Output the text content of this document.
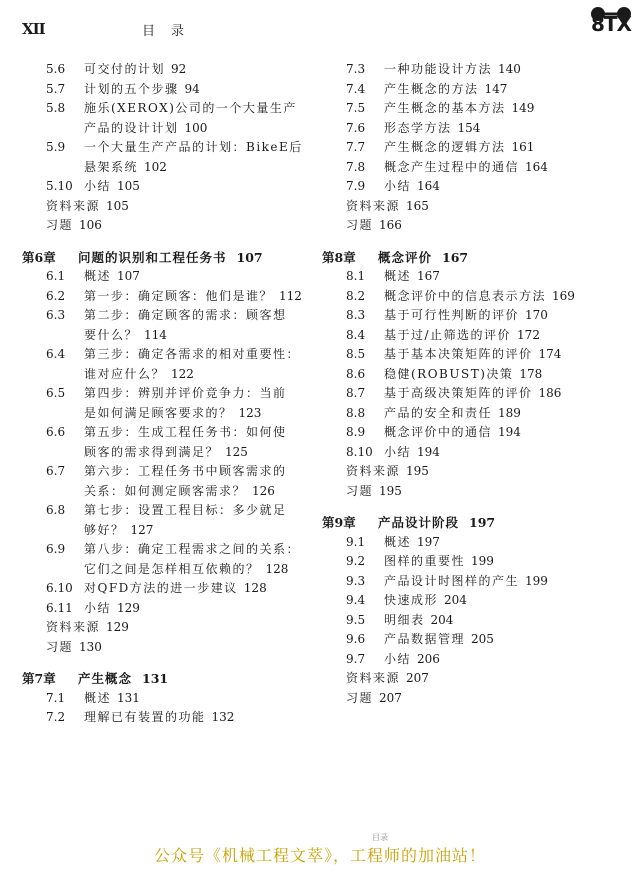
XII	目录	8TX
5.6 可交付的计划 92
5.7 计划的五个步骤 94
5.8 施乐(XEROX)公司的一个大量生产
产品的设计计划 100
5.9 一个大量生产产品的计划：BikeE后
悬架系统 102
5.10 小结 105
资料来源 105
习题 106
第6章 问题的识别和工程任务书 107
6.1 概述 107
6.2 第一步：确定顾客：他们是谁？ 112
6.3 第二步：确定顾客的需求：顾客想
要什么？ 114
6.4 第三步：确定各需求的相对重要性：
谁对应什么？ 122
6.5 第四步：辨别并评价竞争力：当前
是如何满足顾客要求的？ 123
6.6 第五步：生成工程任务书：如何使
顾客的需求得到满足？ 125
6.7 第六步：工程任务书中顾客需求的
关系：如何测定顾客需求？ 126
6.8 第七步：设置工程目标：多少就足
够好？ 127
6.9 第八步：确定工程需求之间的关系：
它们之间是怎样相互依赖的？ 128
6.10 对QFD方法的进一步建议 128
6.11 小结 129
资料来源 129
习题 130
第7章 产生概念 131
7.1 概述 131
7.2 理解已有装置的功能 132
7.3 一种功能设计方法 140
7.4 产生概念的方法 147
7.5 产生概念的基本方法 149
7.6 形态学方法 154
7.7 产生概念的逻辑方法 161
7.8 概念产生过程中的通信 164
7.9 小结 164
资料来源 165
习题 166
第8章 概念评价 167
8.1 概述 167
8.2 概念评价中的信息表示方法 169
8.3 基于可行性判断的评价 170
8.4 基于过/止筛选的评价 172
8.5 基于基本决策矩阵的评价 174
8.6 稳健(ROBUST)决策 178
8.7 基于高级决策矩阵的评价 186
8.8 产品的安全和责任 189
8.9 概念评价中的通信 194
8.10 小结 194
资料来源 195
习题 195
第9章 产品设计阶段 197
9.1 概述 197
9.2 图样的重要性 199
9.3 产品设计时图样的产生 199
9.4 快速成形 204
9.5 明细表 204
9.6 产品数据管理 205
9.7 小结 206
资料来源 207
习题 207
目录
公众号《机械工程文萃》，工程师的加油站！
